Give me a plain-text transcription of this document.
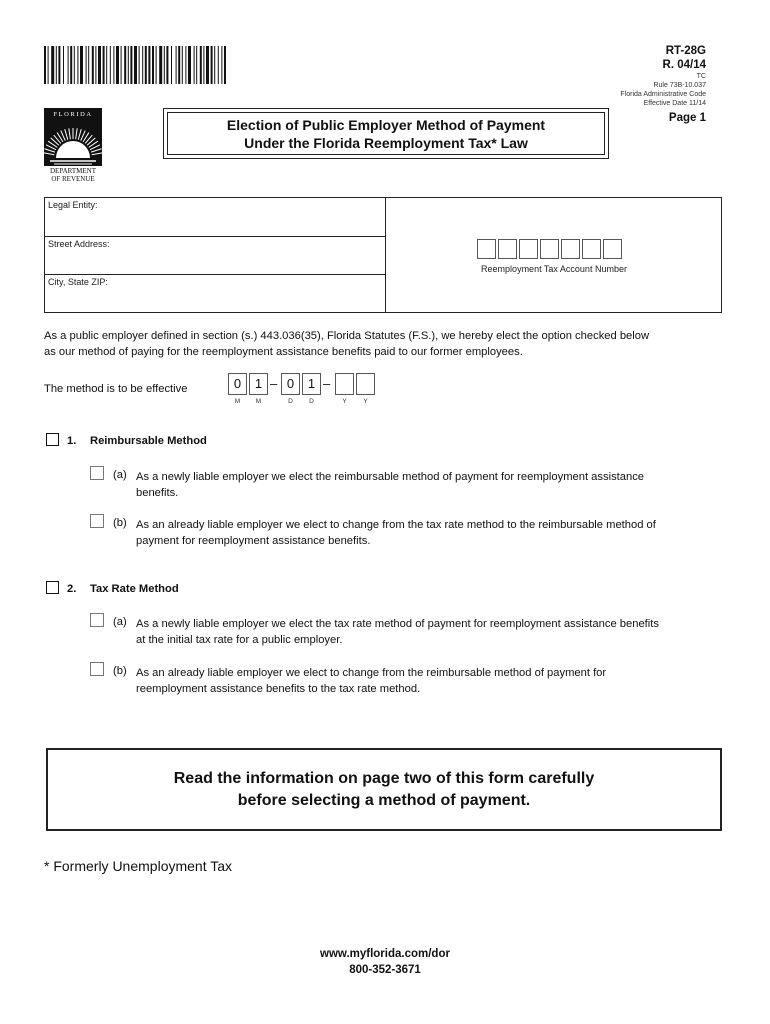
RT-28G
R. 04/14
TC
Rule 73B-10.037
Florida Administrative Code
Effective Date 11/14
Page 1
FLORIDA
DEPARTMENT
OF REVENUE
Election of Public Employer Method of Payment
Under the Florida Reemployment Tax* Law
Legal Entity:
Street Address:
City, State ZIP:
Reemployment Tax Account Number
As a public employer defined in section (s.) 443.036(35), Florida Statutes (F.S.), we hereby elect the option checked below
as our method of paying for the reemployment assistance benefits paid to our former employees.
The method is to be effective	0	1 – 0	1 –
M	M	D	D	Y	Y
1. Reimbursable Method
(a) As a newly liable employer we elect the reimbursable method of payment for reemployment assistance
benefits.
(b) As an already liable employer we elect to change from the tax rate method to the reimbursable method of
payment for reemployment assistance benefits.
2. Tax Rate Method
(a) As a newly liable employer we elect the tax rate method of payment for reemployment assistance benefits
at the initial tax rate for a public employer.
(b) As an already liable employer we elect to change from the reimbursable method of payment for
reemployment assistance benefits to the tax rate method.
Read the information on page two of this form carefully
before selecting a method of payment.
* Formerly Unemployment Tax
www.myflorida.com/dor
800-352-3671
